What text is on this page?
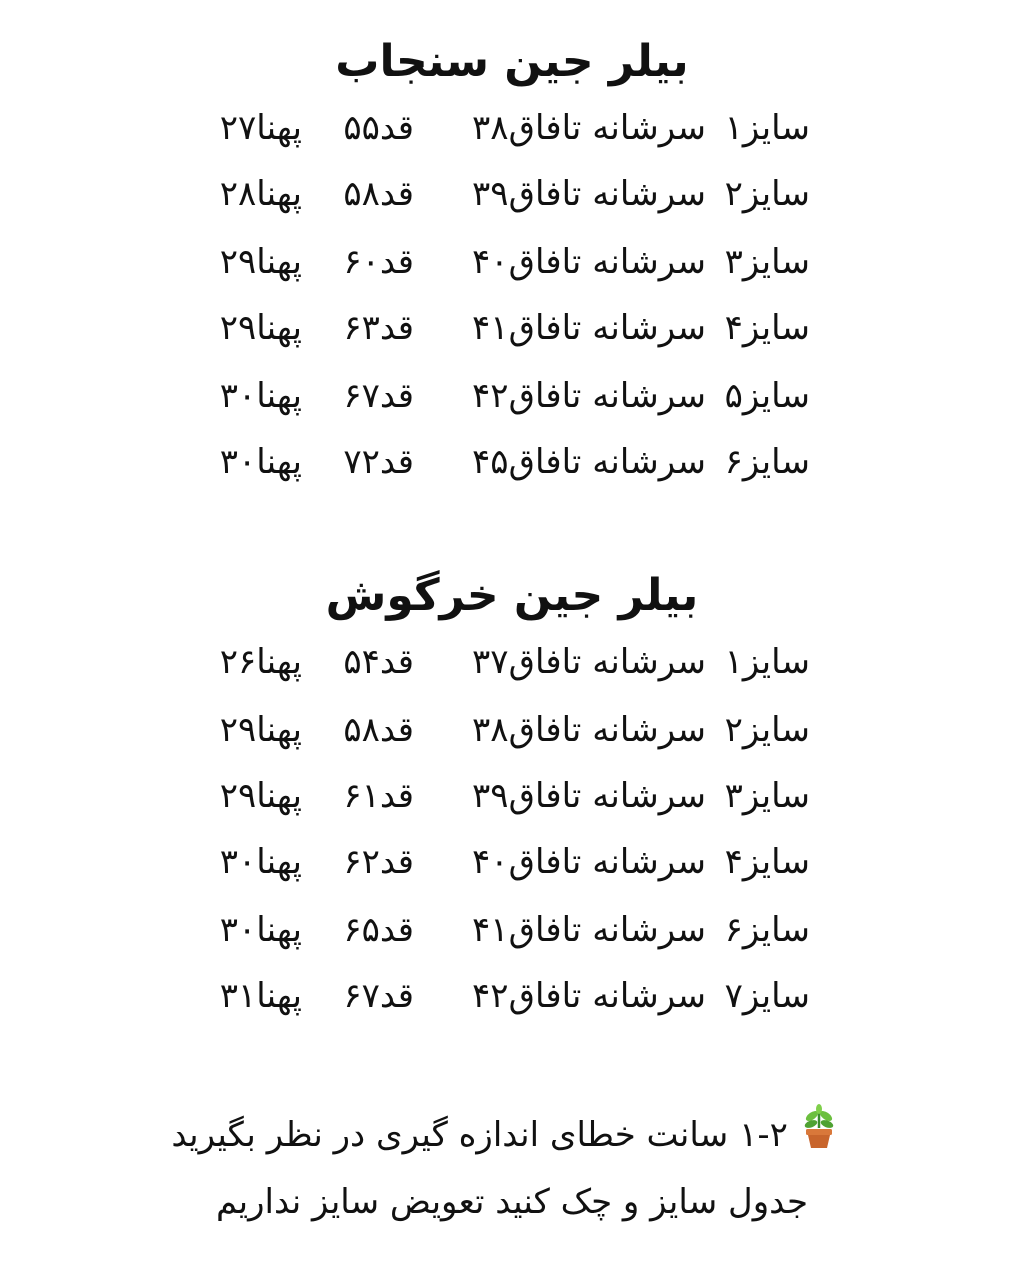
بیلر جین سنجاب
سایز۱
سرشانه تافاق۳۸
قد۵۵
پهنا۲۷
سایز۲
سرشانه تافاق۳۹
قد۵۸
پهنا۲۸
سایز۳
سرشانه تافاق۴۰
قد۶۰
پهنا۲۹
سایز۴
سرشانه تافاق۴۱
قد۶۳
پهنا۲۹
سایز۵
سرشانه تافاق۴۲
قد۶۷
پهنا۳۰
سایز۶
سرشانه تافاق۴۵
قد۷۲
پهنا۳۰
بیلر جین خرگوش
سایز۱
سرشانه تافاق۳۷
قد۵۴
پهنا۲۶
سایز۲
سرشانه تافاق۳۸
قد۵۸
پهنا۲۹
سایز۳
سرشانه تافاق۳۹
قد۶۱
پهنا۲۹
سایز۴
سرشانه تافاق۴۰
قد۶۲
پهنا۳۰
سایز۶
سرشانه تافاق۴۱
قد۶۵
پهنا۳۰
سایز۷
سرشانه تافاق۴۲
قد۶۷
پهنا۳۱
۱-۲ سانت خطای اندازه گیری در نظر بگیرید
جدول سایز و چک کنید تعویض سایز نداریم
